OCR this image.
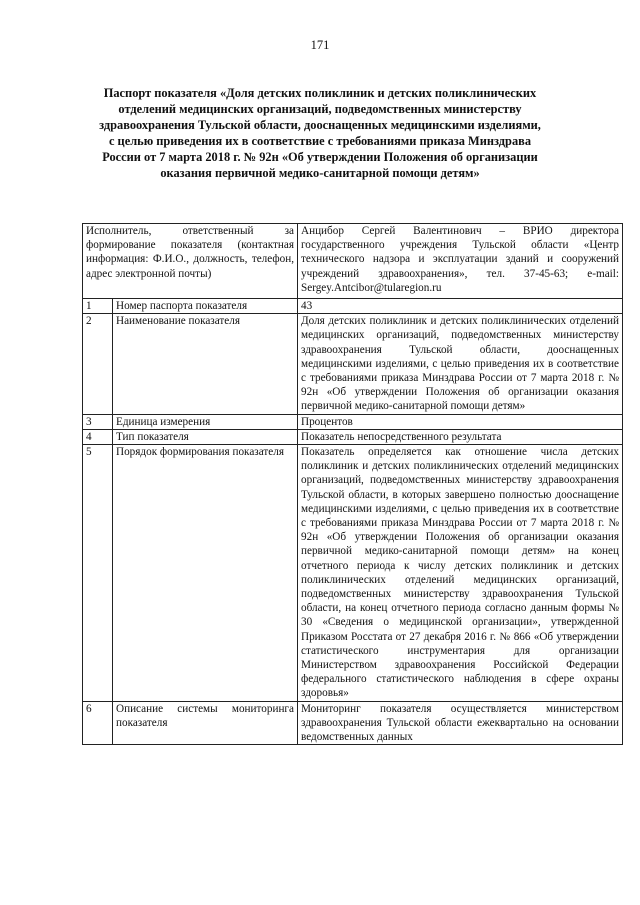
171
Паспорт показателя «Доля детских поликлиник и детских поликлинических отделений медицинских организаций, подведомственных министерству здравоохранения Тульской области, дооснащенных медицинскими изделиями, с целью приведения их в соответствие с требованиями приказа Минздрава России от 7 марта 2018 г. № 92н «Об утверждении Положения об организации оказания первичной медико-санитарной помощи детям»
Исполнитель, ответственный за формирование показателя (контактная информация: Ф.И.О., должность, телефон, адрес электронной почты)		Анцибор Сергей Валентинович – ВРИО директора государственного учреждения Тульской области «Центр технического надзора и эксплуатации зданий и сооружений учреждений здравоохранения», тел. 37-45-63; e-mail: Sergey.Antcibor@tularegion.ru
1	Номер паспорта показателя	43
2	Наименование показателя	Доля детских поликлиник и детских поликлинических отделений медицинских организаций, подведомственных министерству здравоохранения Тульской области, дооснащенных медицинскими изделиями, с целью приведения их в соответствие с требованиями приказа Минздрава России от 7 марта 2018 г. № 92н «Об утверждении Положения об организации оказания первичной медико-санитарной помощи детям»
3	Единица измерения	Процентов
4	Тип показателя	Показатель непосредственного результата
5	Порядок формирования показателя	Показатель определяется как отношение числа детских поликлиник и детских поликлинических отделений медицинских организаций, подведомственных министерству здравоохранения Тульской области, в которых завершено полностью дооснащение медицинскими изделиями, с целью приведения их в соответствие с требованиями приказа Минздрава России от 7 марта 2018 г. № 92н «Об утверждении Положения об организации оказания первичной медико-санитарной помощи детям» на конец отчетного периода к числу детских поликлиник и детских поликлинических отделений медицинских организаций, подведомственных министерству здравоохранения Тульской области, на конец отчетного периода согласно данным формы № 30 «Сведения о медицинской организации», утвержденной Приказом Росстата от 27 декабря 2016 г. № 866 «Об утверждении статистического инструментария для организации Министерством здравоохранения Российской Федерации федерального статистического наблюдения в сфере охраны здоровья»
6	Описание системы мониторинга показателя	Мониторинг показателя осуществляется министерством здравоохранения Тульской области ежеквартально на основании ведомственных данных
